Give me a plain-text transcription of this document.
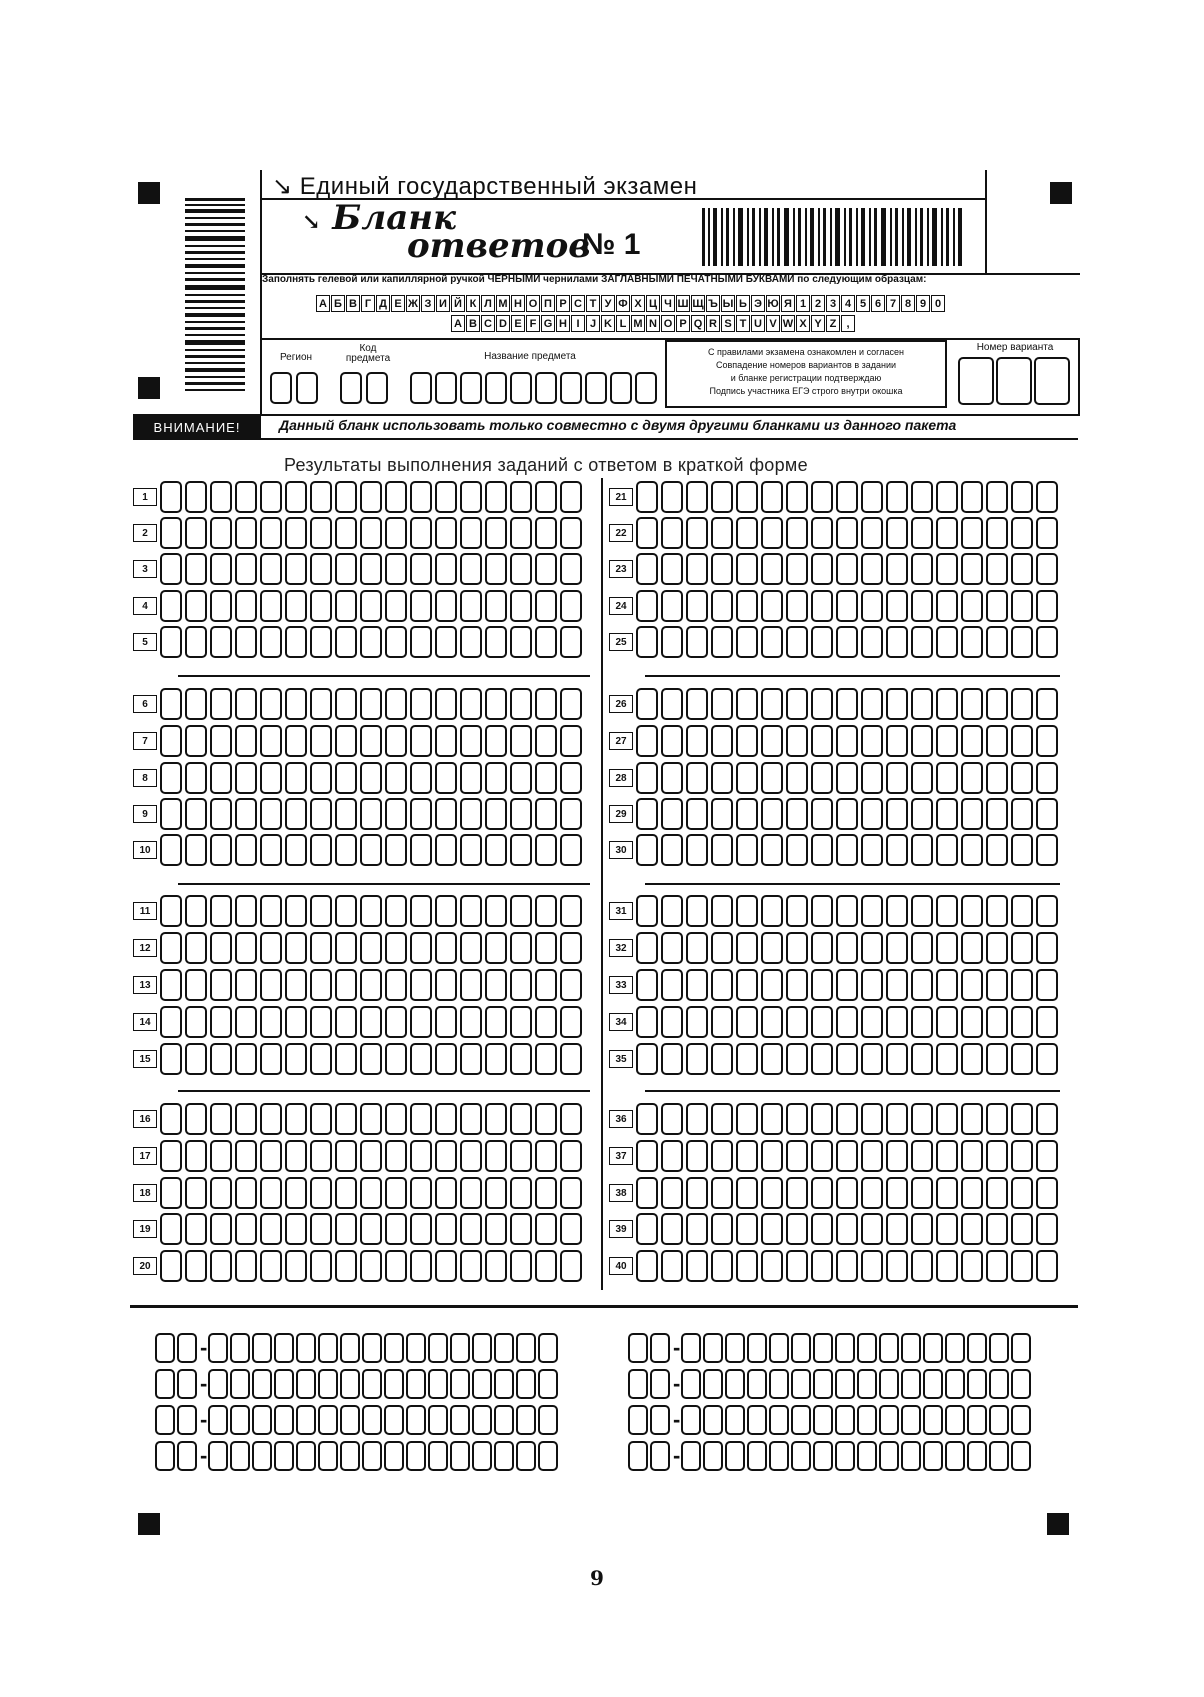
↘ Единый государственный экзамен
↘ Бланк
ответов
№ 1
Заполнять гелевой или капиллярной ручкой ЧЕРНЫМИ чернилами ЗАГЛАВНЫМИ ПЕЧАТНЫМИ БУКВАМИ по следующим образцам:
А Б В Г Д Е Ж З И Й К Л М Н О П Р С Т У Ф Х Ц Ч Ш Щ Ъ Ы Ь Э Ю Я 1 2 3 4 5 6 7 8 9 0
A B C D E F G H I J K L M N O P Q R S T U V W X Y Z ,
Регион
Код предмета	Название предмета
Номер варианта
С правилами экзамена ознакомлен и согласен
Совпадение номеров вариантов в задании
и бланке регистрации подтверждаю
Подпись участника ЕГЭ строго внутри окошка
ВНИМАНИЕ!	Данный бланк использовать только совместно с двумя другими бланками из данного пакета
Результаты выполнения заданий с ответом в краткой форме
1
2
3
4
5
6
7
8
9
10
11
12
13
14
15
16
17
18
19
20
21
22
23
24
25
26
27
28
29
30
31
32
33
34
35
36
37
38
39
40
-
-
-
-
-
-
-
-
9
